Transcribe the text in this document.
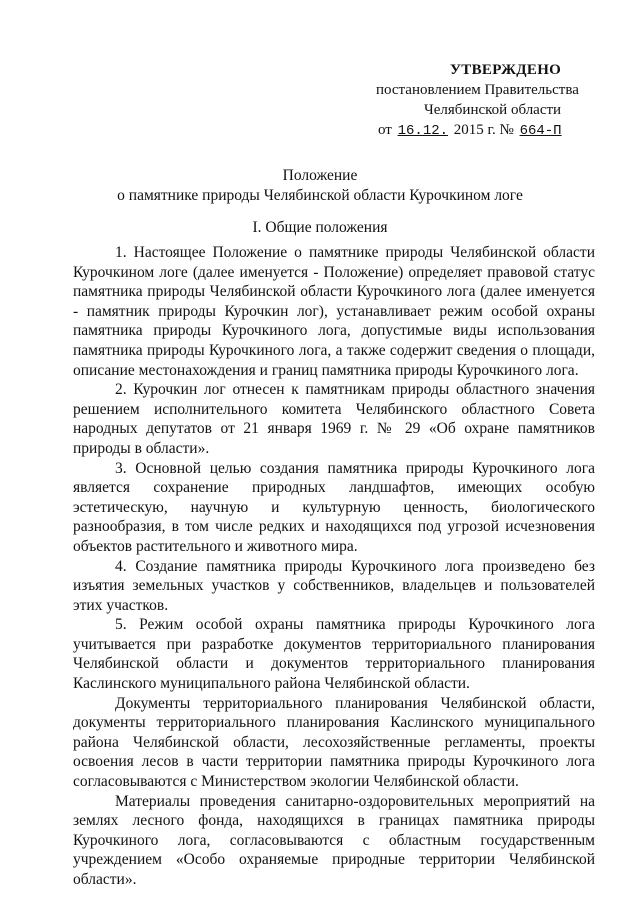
УТВЕРЖДЕНО
постановлением Правительства
Челябинской области
от 16.12. 2015 г. № 664-П
Положение
о памятнике природы Челябинской области Курочкином логе
I. Общие положения

1. Настоящее Положение о памятнике природы Челябинской области Курочкином логе (далее именуется - Положение) определяет правовой статус памятника природы Челябинской области Курочкиного лога (далее именуется - памятник природы Курочкин лог), устанавливает режим особой охраны памятника природы Курочкиного лога, допустимые виды использования памятника природы Курочкиного лога, а также содержит сведения о площади, описание местонахождения и границ памятника природы Курочкиного лога.

2. Курочкин лог отнесен к памятникам природы областного значения решением исполнительного комитета Челябинского областного Совета народных депутатов от 21 января 1969 г. № 29 «Об охране памятников природы в области».

3. Основной целью создания памятника природы Курочкиного лога является сохранение природных ландшафтов, имеющих особую эстетическую, научную и культурную ценность, биологического разнообразия, в том числе редких и находящихся под угрозой исчезновения объектов растительного и животного мира.

4. Создание памятника природы Курочкиного лога произведено без изъятия земельных участков у собственников, владельцев и пользователей этих участков.

5. Режим особой охраны памятника природы Курочкиного лога учитывается при разработке документов территориального планирования Челябинской области и документов территориального планирования Каслинского муниципального района Челябинской области.

Документы территориального планирования Челябинской области, документы территориального планирования Каслинского муниципального района Челябинской области, лесохозяйственные регламенты, проекты освоения лесов в части территории памятника природы Курочкиного лога согласовываются с Министерством экологии Челябинской области.

Материалы проведения санитарно-оздоровительных мероприятий на землях лесного фонда, находящихся в границах памятника природы Курочкиного лога, согласовываются с областным государственным учреждением «Особо охраняемые природные территории Челябинской области».
